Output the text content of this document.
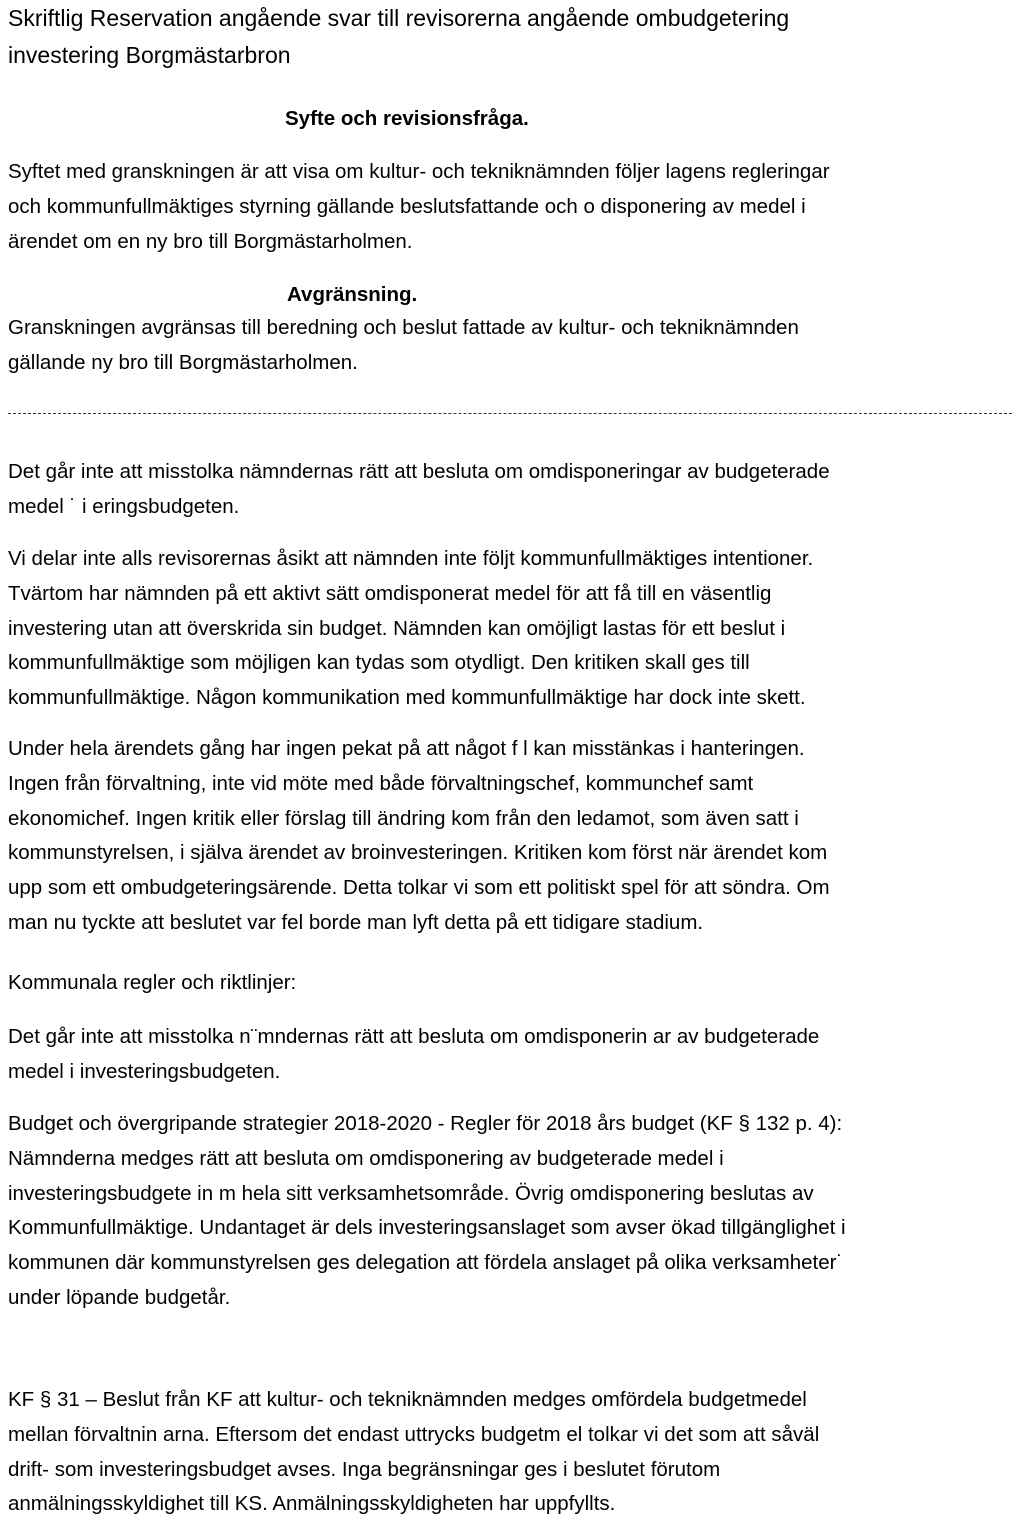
Skriftlig Reservation angående svar till revisorerna angående ombudgetering
investering Borgmästarbron
Syfte och revisionsfråga.

Syftet med granskningen är att visa om kultur- och tekniknämnden följer lagens regleringar
och kommunfullmäktiges styrning gällande beslutsfattande och o disponering av medel i
ärendet om en ny bro till Borgmästarholmen.

Avgränsning.

Granskningen avgränsas till beredning och beslut fattade av kultur- och tekniknämnden
gällande ny bro till Borgmästarholmen.

Det går inte att misstolka nämndernas rätt att besluta om omdisponeringar av budgeterade
medel ˙ i eringsbudgeten.

Vi delar inte alls revisorernas åsikt att nämnden inte följt kommunfullmäktiges intentioner.
Tvärtom har nämnden på ett aktivt sätt omdisponerat medel för att få till en väsentlig
investering utan att överskrida sin budget. Nämnden kan omöjligt lastas för ett beslut i
kommunfullmäktige som möjligen kan tydas som otydligt. Den kritiken skall ges till
kommunfullmäktige. Någon kommunikation med kommunfullmäktige har dock inte skett.

Under hela ärendets gång har ingen pekat på att något f l kan misstänkas i hanteringen.
Ingen från förvaltning, inte vid möte med både förvaltningschef, kommunchef samt
ekonomichef. Ingen kritik eller förslag till ändring kom från den ledamot, som även satt i
kommunstyrelsen, i själva ärendet av broinvesteringen. Kritiken kom först när ärendet kom
upp som ett ombudgeteringsärende. Detta tolkar vi som ett politiskt spel för att söndra. Om
man nu tyckte att beslutet var fel borde man lyft detta på ett tidigare stadium.

Kommunala regler och riktlinjer:

Det går inte att misstolka n¨mndernas rätt att besluta om omdisponerin ar av budgeterade
medel i investeringsbudgeten.

Budget och övergripande strategier 2018-2020 - Regler för 2018 års budget (KF § 132 p. 4):
Nämnderna medges rätt att besluta om omdisponering av budgeterade medel i
investeringsbudgete in m hela sitt verksamhetsområde. Övrig omdisponering beslutas av
Kommunfullmäktige. Undantaget är dels investeringsanslaget som avser ökad tillgänglighet i
kommunen där kommunstyrelsen ges delegation att fördela anslaget på olika verksamheter˙
under löpande budgetår.

KF § 31 – Beslut från KF att kultur- och tekniknämnden medges omfördela budgetmedel
mellan förvaltnin arna. Eftersom det endast uttrycks budgetm el tolkar vi det som att såväl
drift- som investeringsbudget avses. Inga begränsningar ges i beslutet förutom
anmälningsskyldighet till KS. Anmälningsskyldigheten har uppfyllts.
